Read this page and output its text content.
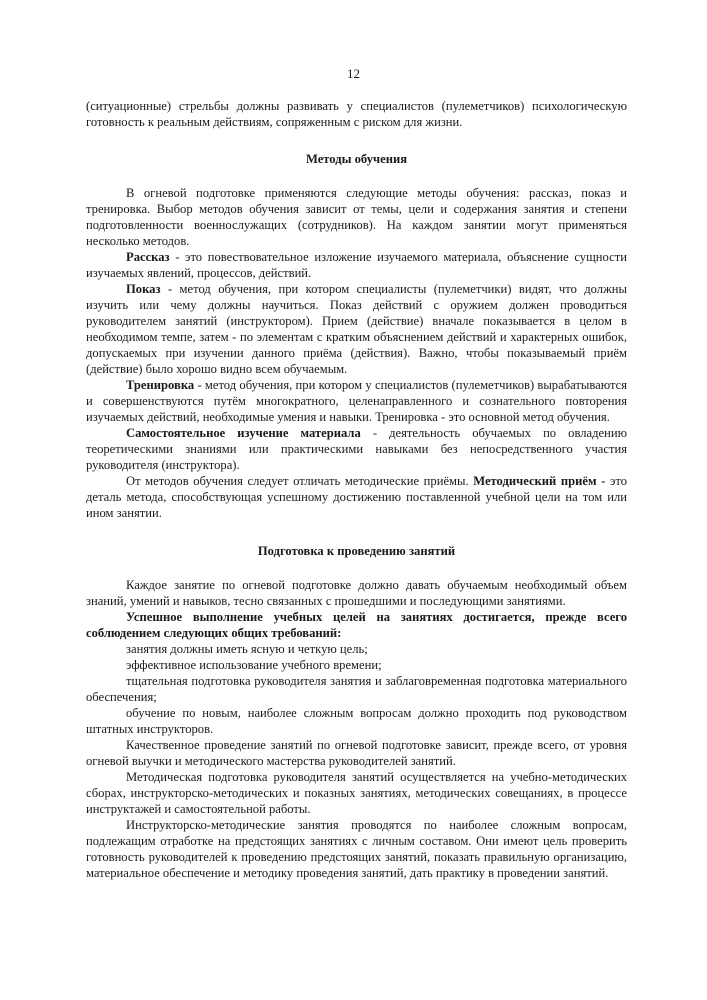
12

(ситуационные) стрельбы должны развивать у специалистов (пулеметчиков) психологическую готовность к реальным действиям, сопряженным с риском для жизни.

Методы обучения

В огневой подготовке применяются следующие методы обучения: рассказ, показ и тренировка. Выбор методов обучения зависит от темы, цели и содержания занятия и степени подготовленности военнослужащих (сотрудников). На каждом занятии могут применяться несколько методов.

Рассказ - это повествовательное изложение изучаемого материала, объяснение сущности изучаемых явлений, процессов, действий.

Показ - метод обучения, при котором специалисты (пулеметчики) видят, что должны изучить или чему должны научиться. Показ действий с оружием должен проводиться руководителем занятий (инструктором). Прием (действие) вначале показывается в целом в необходимом темпе, затем - по элементам с кратким объяснением действий и характерных ошибок, допускаемых при изучении данного приёма (действия). Важно, чтобы показываемый приём (действие) было хорошо видно всем обучаемым.

Тренировка - метод обучения, при котором у специалистов (пулеметчиков) вырабатываются и совершенствуются путём многократного, целенаправленного и сознательного повторения изучаемых действий, необходимые умения и навыки. Тренировка - это основной метод обучения.

Самостоятельное изучение материала - деятельность обучаемых по овладению теоретическими знаниями или практическими навыками без непосредственного участия руководителя (инструктора).

От методов обучения следует отличать методические приёмы. Методический приём - это деталь метода, способствующая успешному достижению поставленной учебной цели на том или ином занятии.

Подготовка к проведению занятий

Каждое занятие по огневой подготовке должно давать обучаемым необходимый объем знаний, умений и навыков, тесно связанных с прошедшими и последующими занятиями.

Успешное выполнение учебных целей на занятиях достигается, прежде всего соблюдением следующих общих требований:

занятия должны иметь ясную и четкую цель;

эффективное использование учебного времени;

тщательная подготовка руководителя занятия и заблаговременная подготовка материального обеспечения;

обучение по новым, наиболее сложным вопросам должно проходить под руководством штатных инструкторов.

Качественное проведение занятий по огневой подготовке зависит, прежде всего, от уровня огневой выучки и методического мастерства руководителей занятий.

Методическая подготовка руководителя занятий осуществляется на учебно-методических сборах, инструкторско-методических и показных занятиях, методических совещаниях, в процессе инструктажей и самостоятельной работы.

Инструкторско-методические занятия проводятся по наиболее сложным вопросам, подлежащим отработке на предстоящих занятиях с личным составом. Они имеют цель проверить готовность руководителей к проведению предстоящих занятий, показать правильную организацию, материальное обеспечение и методику проведения занятий, дать практику в проведении занятий.
